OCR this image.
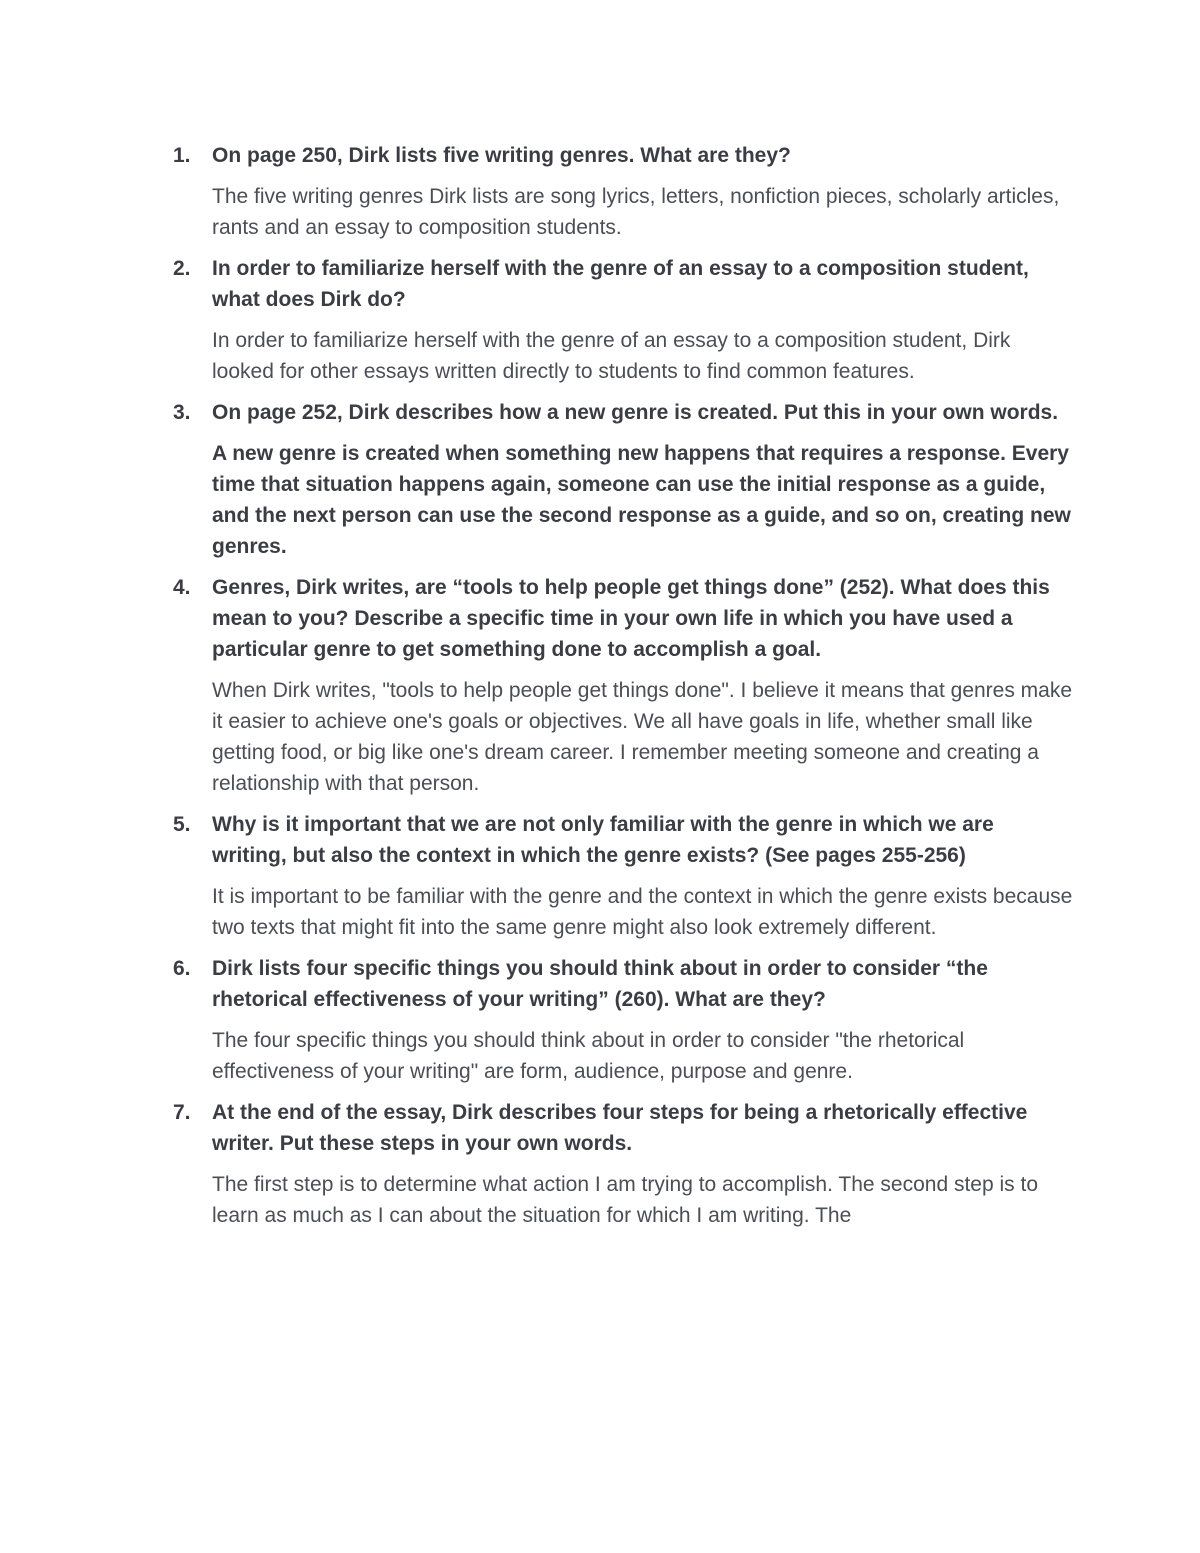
1. On page 250, Dirk lists five writing genres. What are they?

The five writing genres Dirk lists are song lyrics, letters, nonfiction pieces, scholarly articles, rants and an essay to composition students.

2. In order to familiarize herself with the genre of an essay to a composition student, what does Dirk do?

In order to familiarize herself with the genre of an essay to a composition student, Dirk looked for other essays written directly to students to find common features.

3. On page 252, Dirk describes how a new genre is created. Put this in your own words.

A new genre is created when something new happens that requires a response. Every time that situation happens again, someone can use the initial response as a guide, and the next person can use the second response as a guide, and so on, creating new genres.

4. Genres, Dirk writes, are “tools to help people get things done” (252). What does this mean to you? Describe a specific time in your own life in which you have used a particular genre to get something done to accomplish a goal.

When Dirk writes, "tools to help people get things done". I believe it means that genres make it easier to achieve one's goals or objectives. We all have goals in life, whether small like getting food, or big like one's dream career. I remember meeting someone and creating a relationship with that person.

5. Why is it important that we are not only familiar with the genre in which we are writing, but also the context in which the genre exists? (See pages 255-256)

It is important to be familiar with the genre and the context in which the genre exists because two texts that might fit into the same genre might also look extremely different.

6. Dirk lists four specific things you should think about in order to consider “the rhetorical effectiveness of your writing” (260). What are they?

The four specific things you should think about in order to consider "the rhetorical effectiveness of your writing" are form, audience, purpose and genre.

7. At the end of the essay, Dirk describes four steps for being a rhetorically effective writer. Put these steps in your own words.

The first step is to determine what action I am trying to accomplish. The second step is to learn as much as I can about the situation for which I am writing. The
